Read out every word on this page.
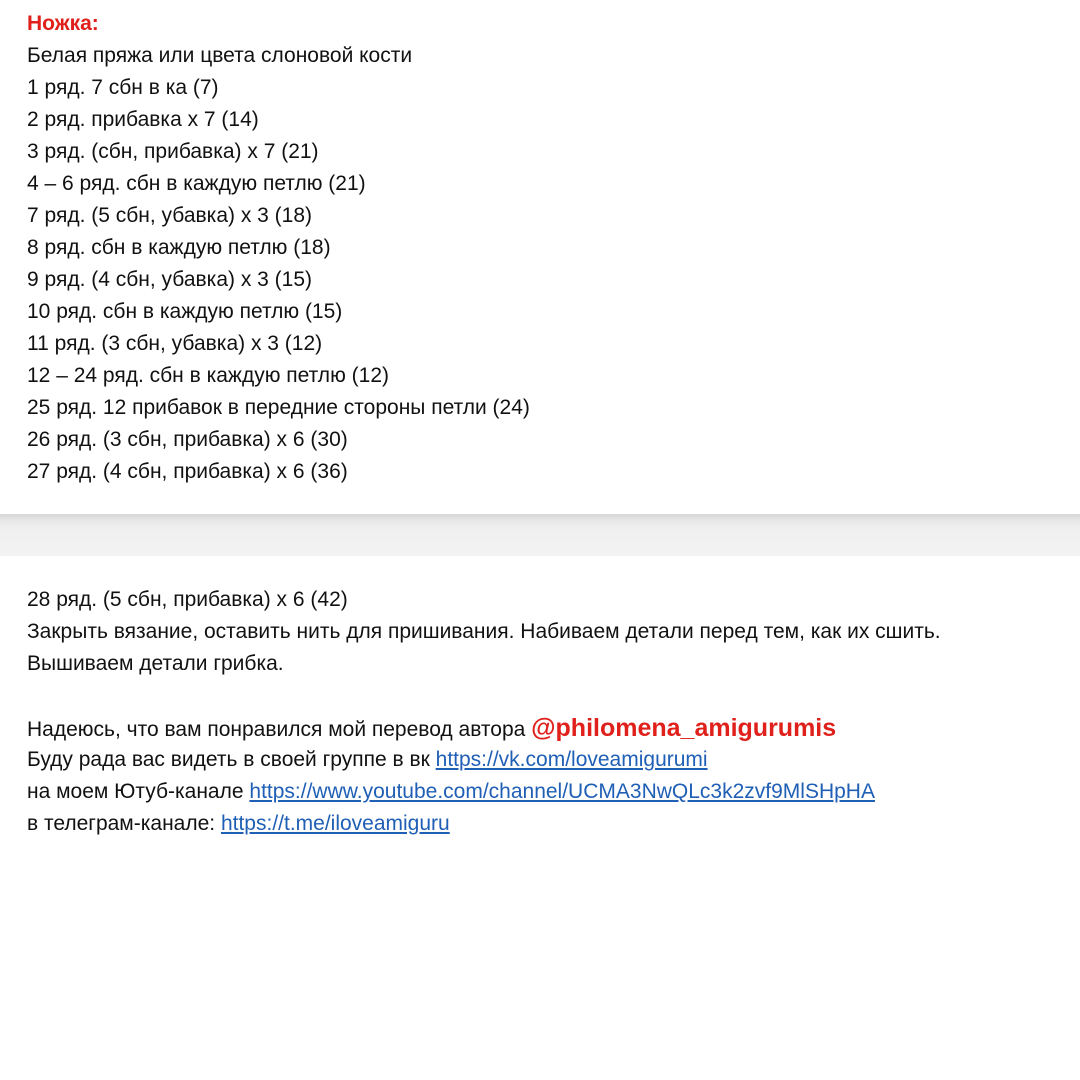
Ножка:
Белая пряжа или цвета слоновой кости
1 ряд. 7 сбн в ка (7)
2 ряд. прибавка х 7 (14)
3 ряд. (сбн, прибавка) х 7 (21)
4 – 6 ряд. сбн в каждую петлю (21)
7 ряд. (5 сбн, убавка) х 3 (18)
8 ряд. сбн в каждую петлю (18)
9 ряд. (4 сбн, убавка) х 3 (15)
10 ряд. сбн в каждую петлю (15)
11 ряд. (3 сбн, убавка) х 3 (12)
12 – 24 ряд. сбн в каждую петлю (12)
25 ряд. 12 прибавок в передние стороны петли (24)
26 ряд. (3 сбн, прибавка) х 6 (30)
27 ряд. (4 сбн, прибавка) х 6 (36)
28 ряд. (5 сбн, прибавка) х 6 (42)
Закрыть вязание, оставить нить для пришивания. Набиваем детали перед тем, как их сшить.
Вышиваем детали грибка.
Надеюсь, что вам понравился мой перевод автора @philomena_amigurumis
Буду рада вас видеть в своей группе в вк https://vk.com/loveamigurumi
на моем Ютуб-канале https://www.youtube.com/channel/UCMA3NwQLc3k2zvf9MlSHpHA
в телеграм-канале: https://t.me/iloveamiguru
